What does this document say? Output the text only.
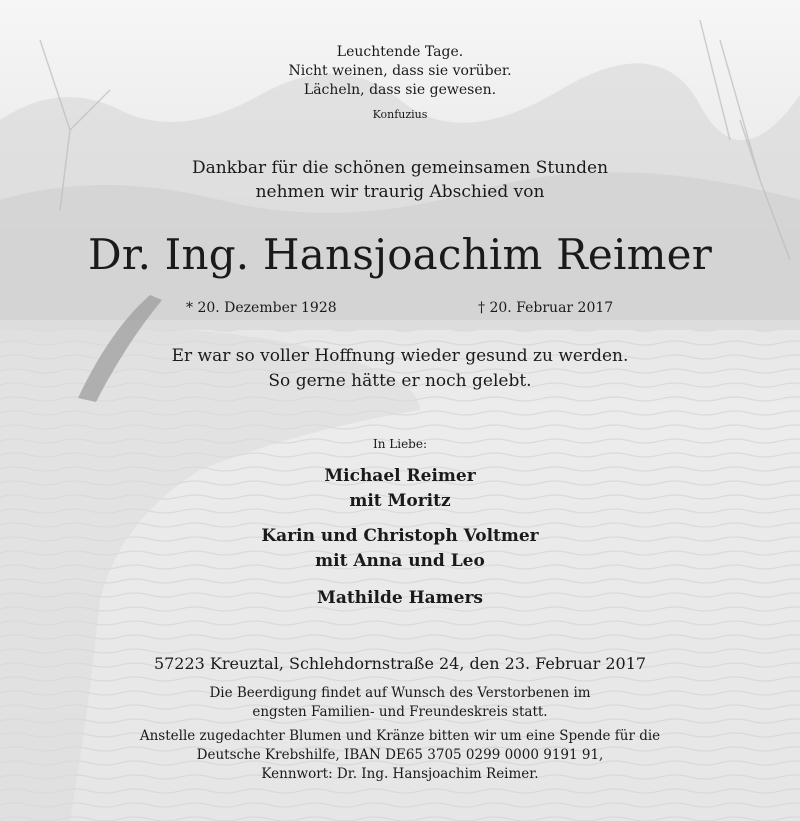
Leuchtende Tage.
Nicht weinen, dass sie vorüber.
Lächeln, dass sie gewesen.
Konfuzius
Dankbar für die schönen gemeinsamen Stunden
nehmen wir traurig Abschied von
Dr. Ing. Hansjoachim Reimer
* 20. Dezember 1928	† 20. Februar 2017
Er war so voller Hoffnung wieder gesund zu werden.
So gerne hätte er noch gelebt.
In Liebe:
Michael Reimer
mit Moritz
Karin und Christoph Voltmer
mit Anna und Leo
Mathilde Hamers
57223 Kreuztal, Schlehdornstraße 24, den 23. Februar 2017
Die Beerdigung findet auf Wunsch des Verstorbenen im
engsten Familien- und Freundeskreis statt.
Anstelle zugedachter Blumen und Kränze bitten wir um eine Spende für die
Deutsche Krebshilfe, IBAN DE65 3705 0299 0000 9191 91,
Kennwort: Dr. Ing. Hansjoachim Reimer.
